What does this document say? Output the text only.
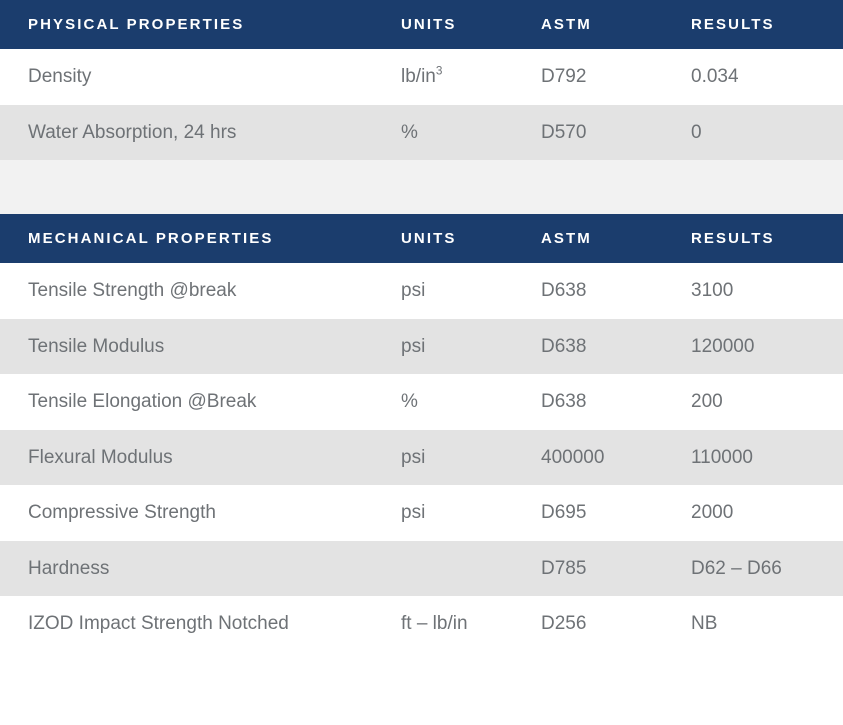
PHYSICAL PROPERTIES	UNITS	ASTM	RESULTS
Density	$lb/in^3$	D792	0.034
Water Absorption, 24 hrs	%	D570	0
MECHANICAL PROPERTIES	UNITS	ASTM	RESULTS
Tensile Strength @break	psi	D638	3100
Tensile Modulus	psi	D638	120000
Tensile Elongation @Break	%	D638	200
Flexural Modulus	psi	400000	110000
Compressive Strength	psi	D695	2000
Hardness		D785	D62 – D66
IZOD Impact Strength Notched	ft – lb/in	D256	NB
